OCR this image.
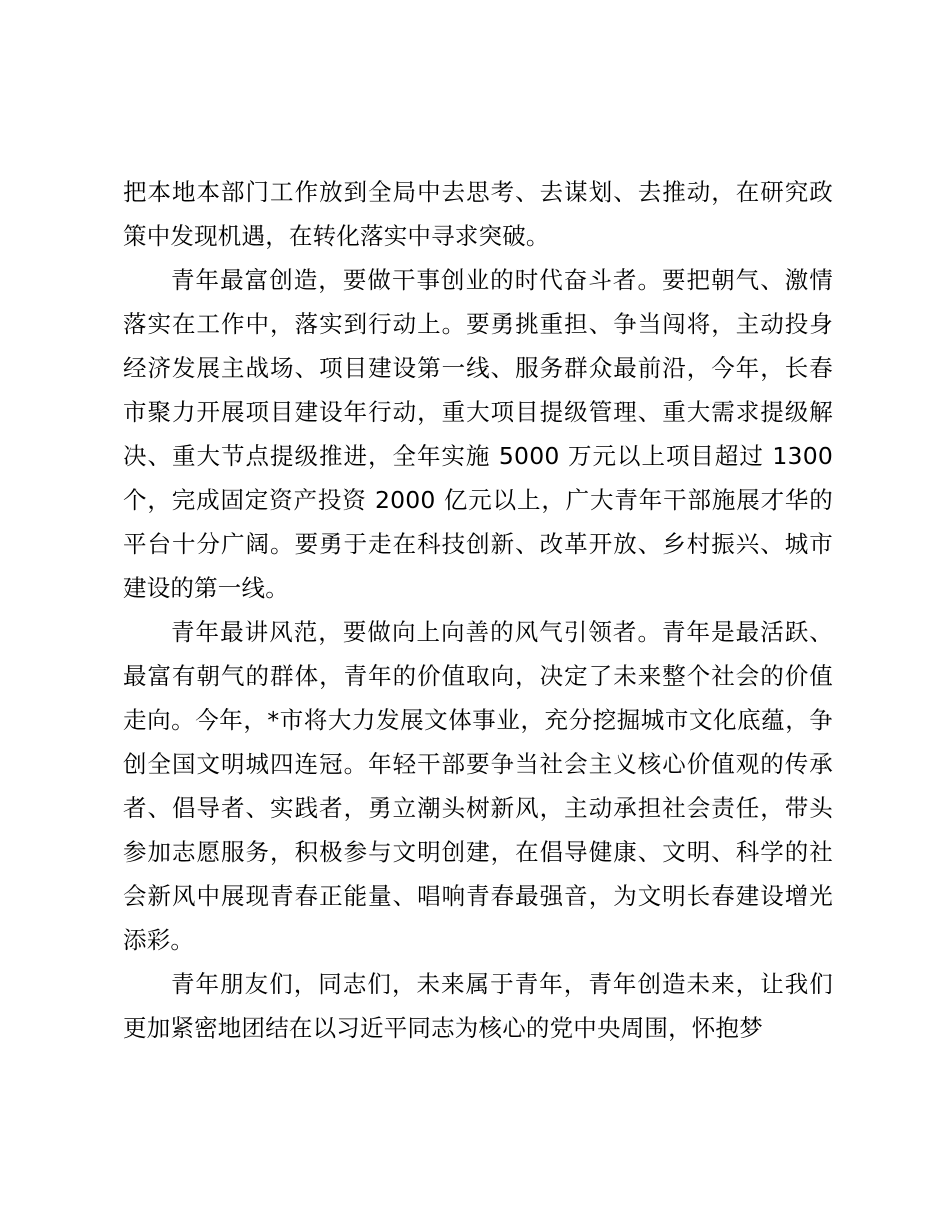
把本地本部门工作放到全局中去思考、去谋划、去推动，在研究政策中发现机遇，在转化落实中寻求突破。

青年最富创造，要做干事创业的时代奋斗者。要把朝气、激情落实在工作中，落实到行动上。要勇挑重担、争当闯将，主动投身经济发展主战场、项目建设第一线、服务群众最前沿，今年，长春市聚力开展项目建设年行动，重大项目提级管理、重大需求提级解决、重大节点提级推进，全年实施 5000 万元以上项目超过 1300 个，完成固定资产投资 2000 亿元以上，广大青年干部施展才华的平台十分广阔。要勇于走在科技创新、改革开放、乡村振兴、城市建设的第一线。

青年最讲风范，要做向上向善的风气引领者。青年是最活跃、最富有朝气的群体，青年的价值取向，决定了未来整个社会的价值走向。今年，*市将大力发展文体事业，充分挖掘城市文化底蕴，争创全国文明城四连冠。年轻干部要争当社会主义核心价值观的传承者、倡导者、实践者，勇立潮头树新风，主动承担社会责任，带头参加志愿服务，积极参与文明创建，在倡导健康、文明、科学的社会新风中展现青春正能量、唱响青春最强音，为文明长春建设增光添彩。

青年朋友们，同志们，未来属于青年，青年创造未来，让我们更加紧密地团结在以习近平同志为核心的党中央周围，怀抱梦
